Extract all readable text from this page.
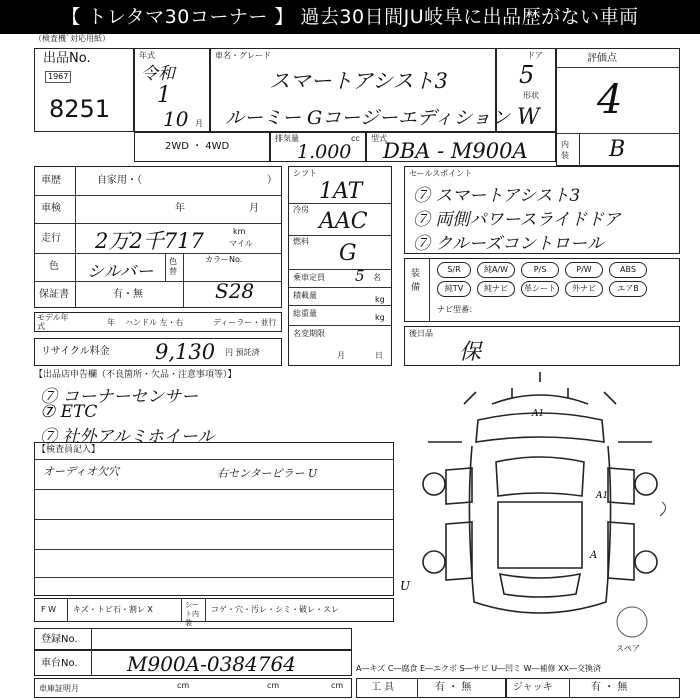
【 トレタマ30コーナー 】 過去30日間JU岐阜に出品歴がない車両
（検査機ﾞ対応用紙）
出品No.
1967
8251
年式
令和
1
10 月
車名・グレード
スマートアシスト3
ルーミー Gコージーエディション
ドア
5
形状
W
評価点
4
内装 B
2WD ・ 4WD
排気量	cc
1.000
型式
DBA - M900A
車歴	自家用・（	）
車検	年	月
走行 2万2千717	km
マイル
色 シルバー
色替
カラーNo.
S28
保証書	有・無
モデル年式	年 ハンドル 左・右	ディーラー・並行
リサイクル料金 9,130 円 預託済
シフト
1AT
冷房 AAC
燃料 G
乗車定員 5 名
積載量	kg
総重量	kg
名変期限
月	日
セールスポイント
⑦ スマートアシスト3
⑦ 両側パワースライドドア
⑦ クルーズコントロール
装備
S/R	純A/W	P/S	P/W	ABS
純TV	純ナビ	革シート	外ナビ	エアB
ナビ型番：
後日品
保
【出品店申告欄（不良箇所・欠品・注意事項等）】
⑦ コーナーセンサー
⑦ ETC
⑦ 社外アルミホイール
【検査員記入】
オーディオ欠穴	右センターピラー U
U
A1
A1
A
F W キズ・トビ石・割レ X	シート内装
コゲ・穴・汚レ・シミ・破レ・スレ
スペア
登録No.
車台No. M900A-0384764	A―キズ C―腐食 E―エクボ S―サビ U―凹ミ W―補修 XX―交換済
車庫証明月	cm	cm	cm	工 具	有 ・ 無	ジャッキ	有 ・ 無
